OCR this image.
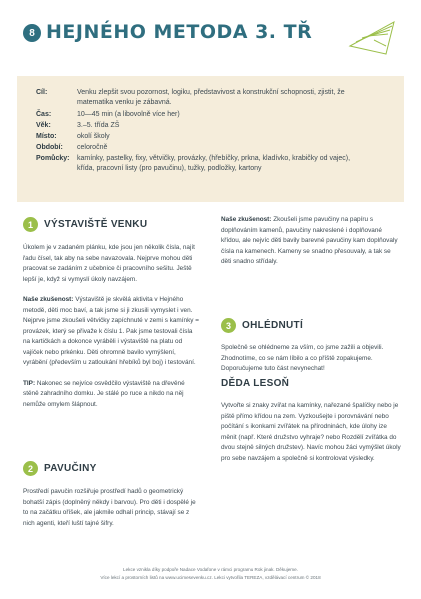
8 HEJNÉHO METODA 3. TŘ
Cíl:	Venku zlepšit svou pozornost, logiku, představivost a konstrukční schopnosti, zjistit, že matematika venku je zábavná.
Čas:	10—45 min (a libovolně více her)
Věk:	3.–5. třída ZŠ
Místo:	okolí školy
Období: celoročně
Pomůcky: kamínky, pastelky, fixy, větvičky, provázky, (hřebíčky, prkna, kladívko, krabičky od vajec), křída, pracovní listy (pro pavučinu), tužky, podložky, kartony
1	VÝSTAVIŠTĚ VENKU

Úkolem je v zadaném plánku, kde jsou jen několik čísla, najít řadu čísel, tak aby na sebe navazovala. Nejprve mohou děti pracovat se zadáním z učebnice či pracovního sešitu. Ještě lepší je, když si vymyslí úkoly navzájem.

Naše zkušenost: Výstaviště je skvělá aktivita v Hejného metodě, děti moc baví, a tak jsme si ji zkusili vymyslet i ven. Nejprve jsme zkoušeli větvičky zapíchnuté v zemi s kamínky = provázek, který se přivaže k číslu 1. Pak jsme testovali čísla na kartičkách a dokonce vyráběli i výstaviště na platu od vajíček nebo prkénku. Děti ohromně bavilo vymýšlení, vyrábění (především u zatloukání hřebíků byl boj) i testování.

TIP: Nakonec se nejvíce osvědčilo výstaviště na dřevěné stěně zahradního domku. Je stálé po ruce a nikdo na něj nemůže omylem šlápnout.

2	PAVUČINY

Prostředí pavučin rozšiřuje prostředí hadů o geometrický bohatší zápis (doplněný někdy i barvou). Pro děti i dospělé je to na začátku oříšek, ale jakmile odhalí princip, stávají se z nich agenti, kteří luští tajné šifry.

Naše zkušenost: Zkoušeli jsme pavučiny na papíru s doplňováním kamenů, pavučiny nakreslené i doplňované křídou, ale nejvíc děti bavily barevné pavučiny kam doplňovaly čísla na kamenech. Kameny se snadno přesouvaly, a tak se děti snadno střídaly.

3	OHLÉDNUTÍ

Společně se ohlédneme za vším, co jsme zažili a objevili. Zhodnotíme, co se nám líbilo a co příště zopakujeme. Doporučujeme tuto část nevynechat!

DĚDA LESOŇ

Vytvořte si znaky zvířat na kamínky, nařezané špalíčky nebo je piště přímo křídou na zem. Vyzkoušejte i porovnávání nebo počítání s ikonkami zvířátek na přírodninách, kde úlohy ize měnit (např. Které družstvo vyhraje? nebo Rozdělí zvířátka do dvou stejně silných družstev). Navíc mohou žáci vymýšlet úkoly pro sebe navzájem a společně si kontrolovat výsledky.

Lekce vznikla díky podpoře Nadace Vodafone v rámci programu Rok jinak. Děkujeme.
Více lekcí a prostorních listů na www.ucimesevenku.cz. Lekci vytvořila TEREZA, vzdělávací centrum © 2018
